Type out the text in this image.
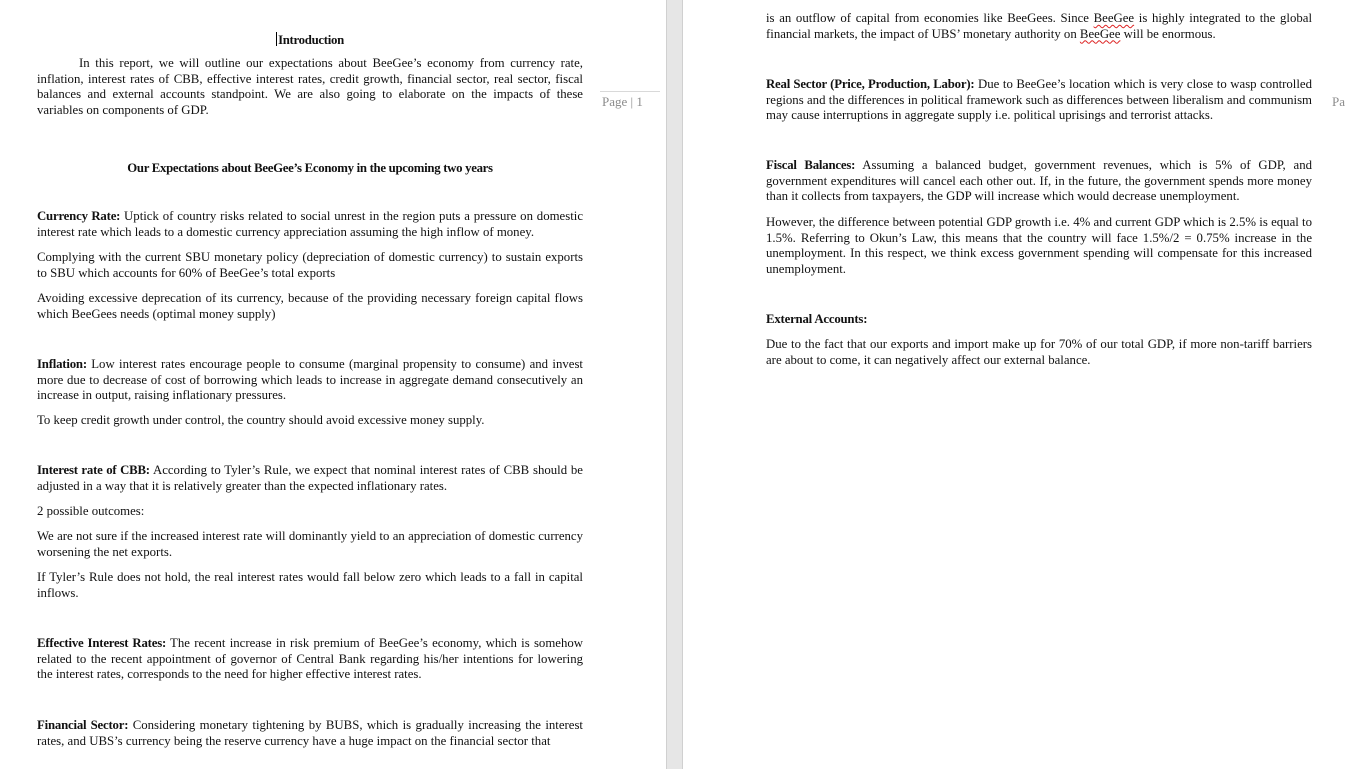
Introduction
In this report, we will outline our expectations about BeeGee’s economy from currency rate, inflation, interest rates of CBB, effective interest rates, credit growth, financial sector, real sector, fiscal balances and external accounts standpoint. We are also going to elaborate on the impacts of these variables on components of GDP.
Page | 1
Our Expectations about BeeGee’s Economy in the upcoming two years
Currency Rate: Uptick of country risks related to social unrest in the region puts a pressure on domestic interest rate which leads to a domestic currency appreciation assuming the high inflow of money.
Complying with the current SBU monetary policy (depreciation of domestic currency) to sustain exports to SBU which accounts for 60% of BeeGee’s total exports
Avoiding excessive deprecation of its currency, because of the providing necessary foreign capital flows which BeeGees needs (optimal money supply)
Inflation: Low interest rates encourage people to consume (marginal propensity to consume) and invest more due to decrease of cost of borrowing which leads to increase in aggregate demand consecutively an increase in output, raising inflationary pressures.
To keep credit growth under control, the country should avoid excessive money supply.
Interest rate of CBB: According to Tyler’s Rule, we expect that nominal interest rates of CBB should be adjusted in a way that it is relatively greater than the expected inflationary rates.
2 possible outcomes:
We are not sure if the increased interest rate will dominantly yield to an appreciation of domestic currency worsening the net exports.
If Tyler’s Rule does not hold, the real interest rates would fall below zero which leads to a fall in capital inflows.
Effective Interest Rates: The recent increase in risk premium of BeeGee’s economy, which is somehow related to the recent appointment of governor of Central Bank regarding his/her intentions for lowering the interest rates, corresponds to the need for higher effective interest rates.
Financial Sector: Considering monetary tightening by BUBS, which is gradually increasing the interest rates, and UBS’s currency being the reserve currency have a huge impact on the financial sector that
is an outflow of capital from economies like BeeGees. Since BeeGee is highly integrated to the global financial markets, the impact of UBS’ monetary authority on BeeGee will be enormous.
Real Sector (Price, Production, Labor): Due to BeeGee’s location which is very close to wasp controlled regions and the differences in political framework such as differences between liberalism and communism may cause interruptions in aggregate supply i.e. political uprisings and terrorist attacks.
Pa
Fiscal Balances: Assuming a balanced budget, government revenues, which is 5% of GDP, and government expenditures will cancel each other out. If, in the future, the government spends more money than it collects from taxpayers, the GDP will increase which would decrease unemployment.
However, the difference between potential GDP growth i.e. 4% and current GDP which is 2.5% is equal to 1.5%. Referring to Okun’s Law, this means that the country will face 1.5%/2 = 0.75% increase in the unemployment. In this respect, we think excess government spending will compensate for this increased unemployment.
External Accounts:
Due to the fact that our exports and import make up for 70% of our total GDP, if more non-tariff barriers are about to come, it can negatively affect our external balance.
